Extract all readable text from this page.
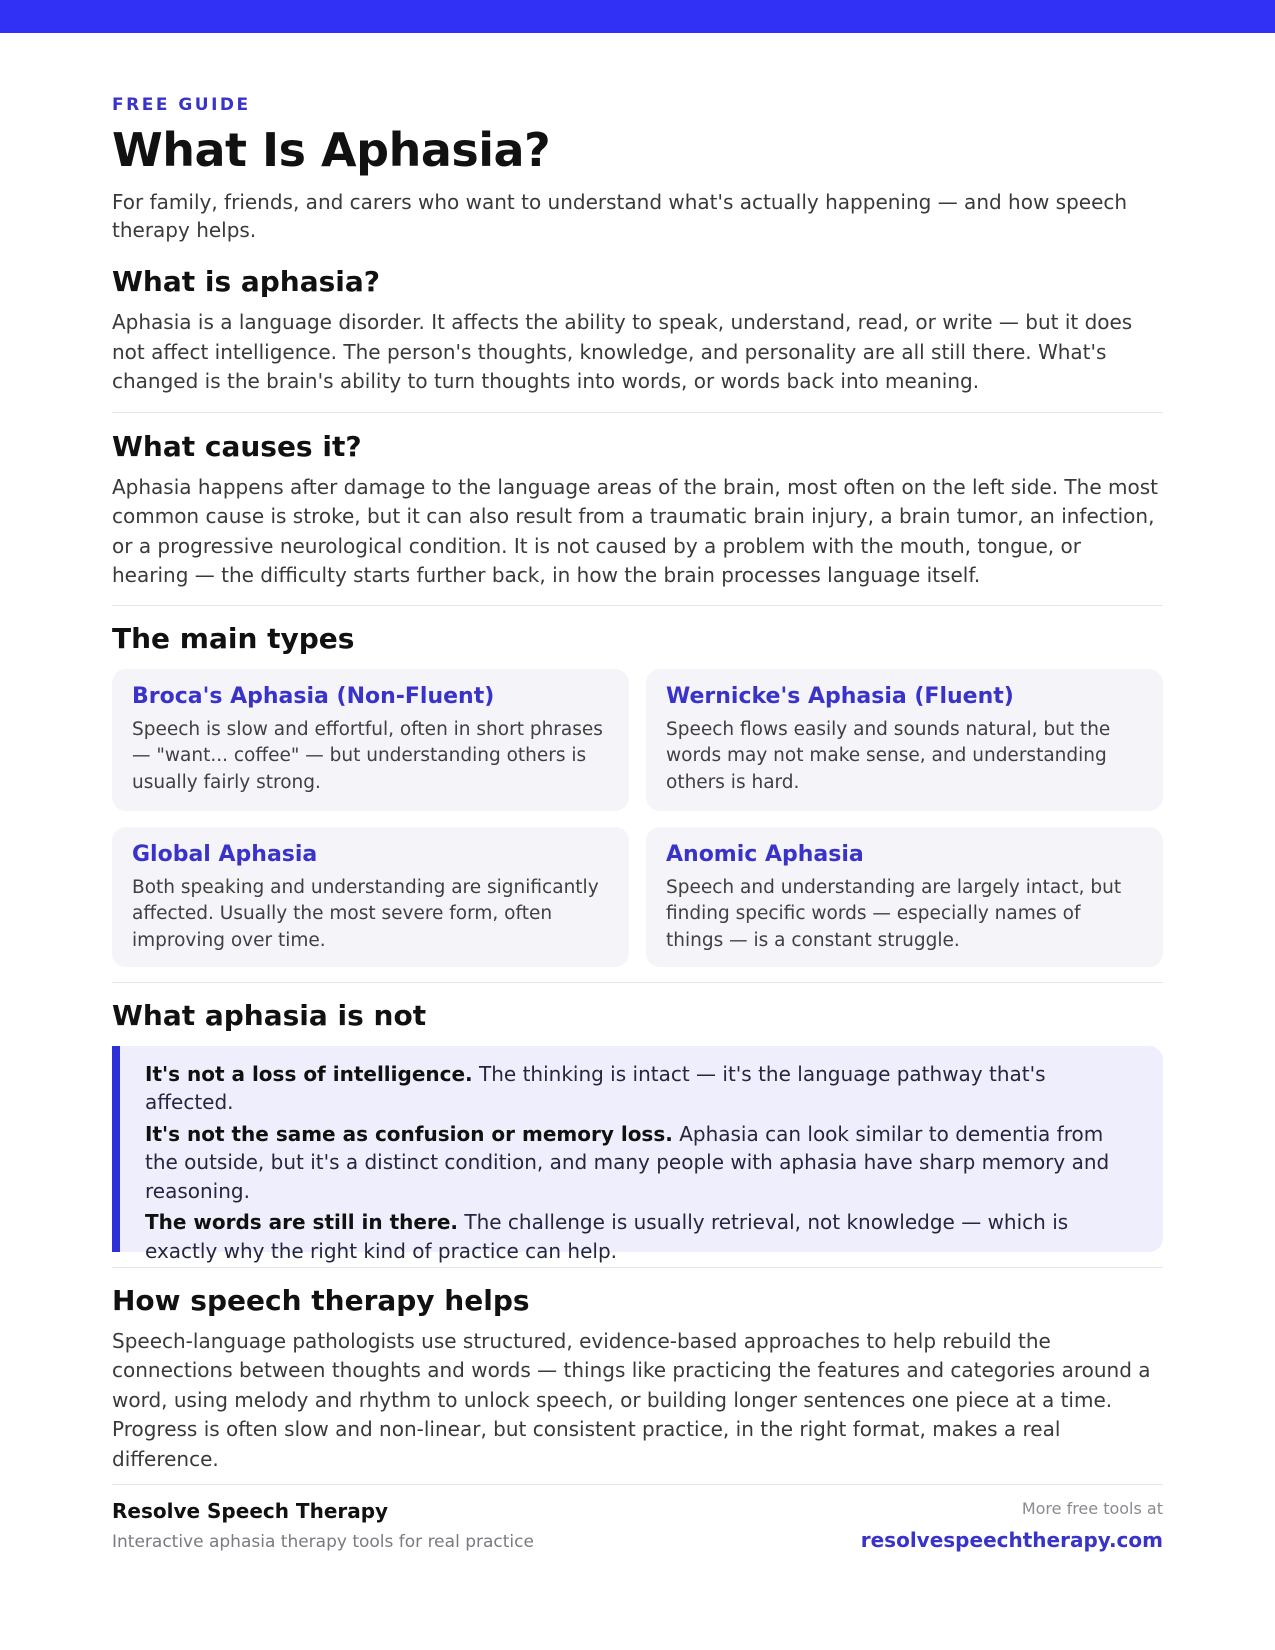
FREE GUIDE

What Is Aphasia?

For family, friends, and carers who want to understand what's actually happening — and how speech therapy helps.

What is aphasia?

Aphasia is a language disorder. It affects the ability to speak, understand, read, or write — but it does not affect intelligence. The person's thoughts, knowledge, and personality are all still there. What's changed is the brain's ability to turn thoughts into words, or words back into meaning.

What causes it?

Aphasia happens after damage to the language areas of the brain, most often on the left side. The most common cause is stroke, but it can also result from a traumatic brain injury, a brain tumor, an infection, or a progressive neurological condition. It is not caused by a problem with the mouth, tongue, or hearing — the difficulty starts further back, in how the brain processes language itself.

The main types
Broca's Aphasia (Non-Fluent)

Speech is slow and effortful, often in short phrases — "want... coffee" — but understanding others is usually fairly strong.

Wernicke's Aphasia (Fluent)

Speech flows easily and sounds natural, but the words may not make sense, and understanding others is hard.

Global Aphasia

Both speaking and understanding are significantly affected. Usually the most severe form, often improving over time.

Anomic Aphasia

Speech and understanding are largely intact, but finding specific words — especially names of things — is a constant struggle.

What aphasia is not

It's not a loss of intelligence. The thinking is intact — it's the language pathway that's affected.

It's not the same as confusion or memory loss. Aphasia can look similar to dementia from the outside, but it's a distinct condition, and many people with aphasia have sharp memory and reasoning.

The words are still in there. The challenge is usually retrieval, not knowledge — which is exactly why the right kind of practice can help.

How speech therapy helps

Speech-language pathologists use structured, evidence-based approaches to help rebuild the connections between thoughts and words — things like practicing the features and categories around a word, using melody and rhythm to unlock speech, or building longer sentences one piece at a time. Progress is often slow and non-linear, but consistent practice, in the right format, makes a real difference.

Resolve Speech Therapy

Interactive aphasia therapy tools for real practice

More free tools at

resolvespeechtherapy.com
